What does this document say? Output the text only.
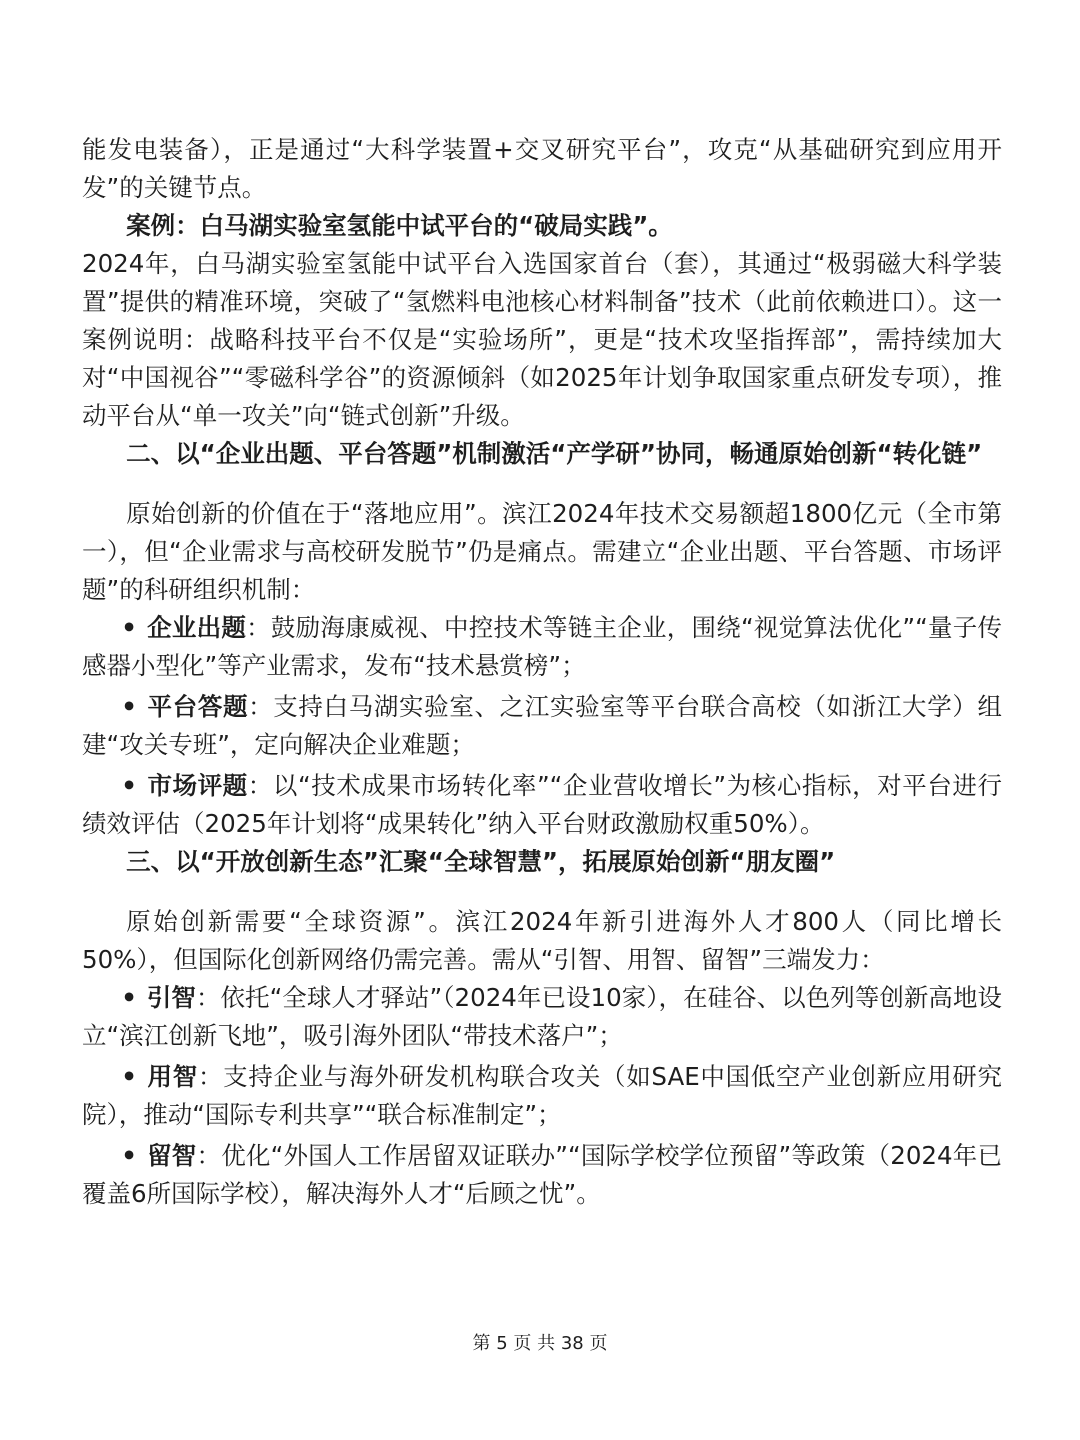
能发电装备），正是通过“大科学装置+交叉研究平台”，攻克“从基础研究到应用开发”的关键节点。

案例：白马湖实验室氢能中试平台的“破局实践”。

2024年，白马湖实验室氢能中试平台入选国家首台（套），其通过“极弱磁大科学装置”提供的精准环境，突破了“氢燃料电池核心材料制备”技术（此前依赖进口）。这一案例说明：战略科技平台不仅是“实验场所”，更是“技术攻坚指挥部”，需持续加大对“中国视谷”“零磁科学谷”的资源倾斜（如2025年计划争取国家重点研发专项），推动平台从“单一攻关”向“链式创新”升级。

二、以“企业出题、平台答题”机制激活“产学研”协同，畅通原始创新“转化链”

原始创新的价值在于“落地应用”。滨江2024年技术交易额超1800亿元（全市第一），但“企业需求与高校研发脱节”仍是痛点。需建立“企业出题、平台答题、市场评题”的科研组织机制：

• 企业出题：鼓励海康威视、中控技术等链主企业，围绕“视觉算法优化”“量子传感器小型化”等产业需求，发布“技术悬赏榜”；
• 平台答题：支持白马湖实验室、之江实验室等平台联合高校（如浙江大学）组建“攻关专班”，定向解决企业难题；
• 市场评题：以“技术成果市场转化率”“企业营收增长”为核心指标，对平台进行绩效评估（2025年计划将“成果转化”纳入平台财政激励权重50%）。

三、以“开放创新生态”汇聚“全球智慧”，拓展原始创新“朋友圈”

原始创新需要“全球资源”。滨江2024年新引进海外人才800人（同比增长50%），但国际化创新网络仍需完善。需从“引智、用智、留智”三端发力：

• 引智：依托“全球人才驿站”（2024年已设10家），在硅谷、以色列等创新高地设立“滨江创新飞地”，吸引海外团队“带技术落户”；
• 用智：支持企业与海外研发机构联合攻关（如SAE中国低空产业创新应用研究院），推动“国际专利共享”“联合标准制定”；
• 留智：优化“外国人工作居留双证联办”“国际学校学位预留”等政策（2024年已覆盖6所国际学校），解决海外人才“后顾之忧”。
第 5 页 共 38 页
